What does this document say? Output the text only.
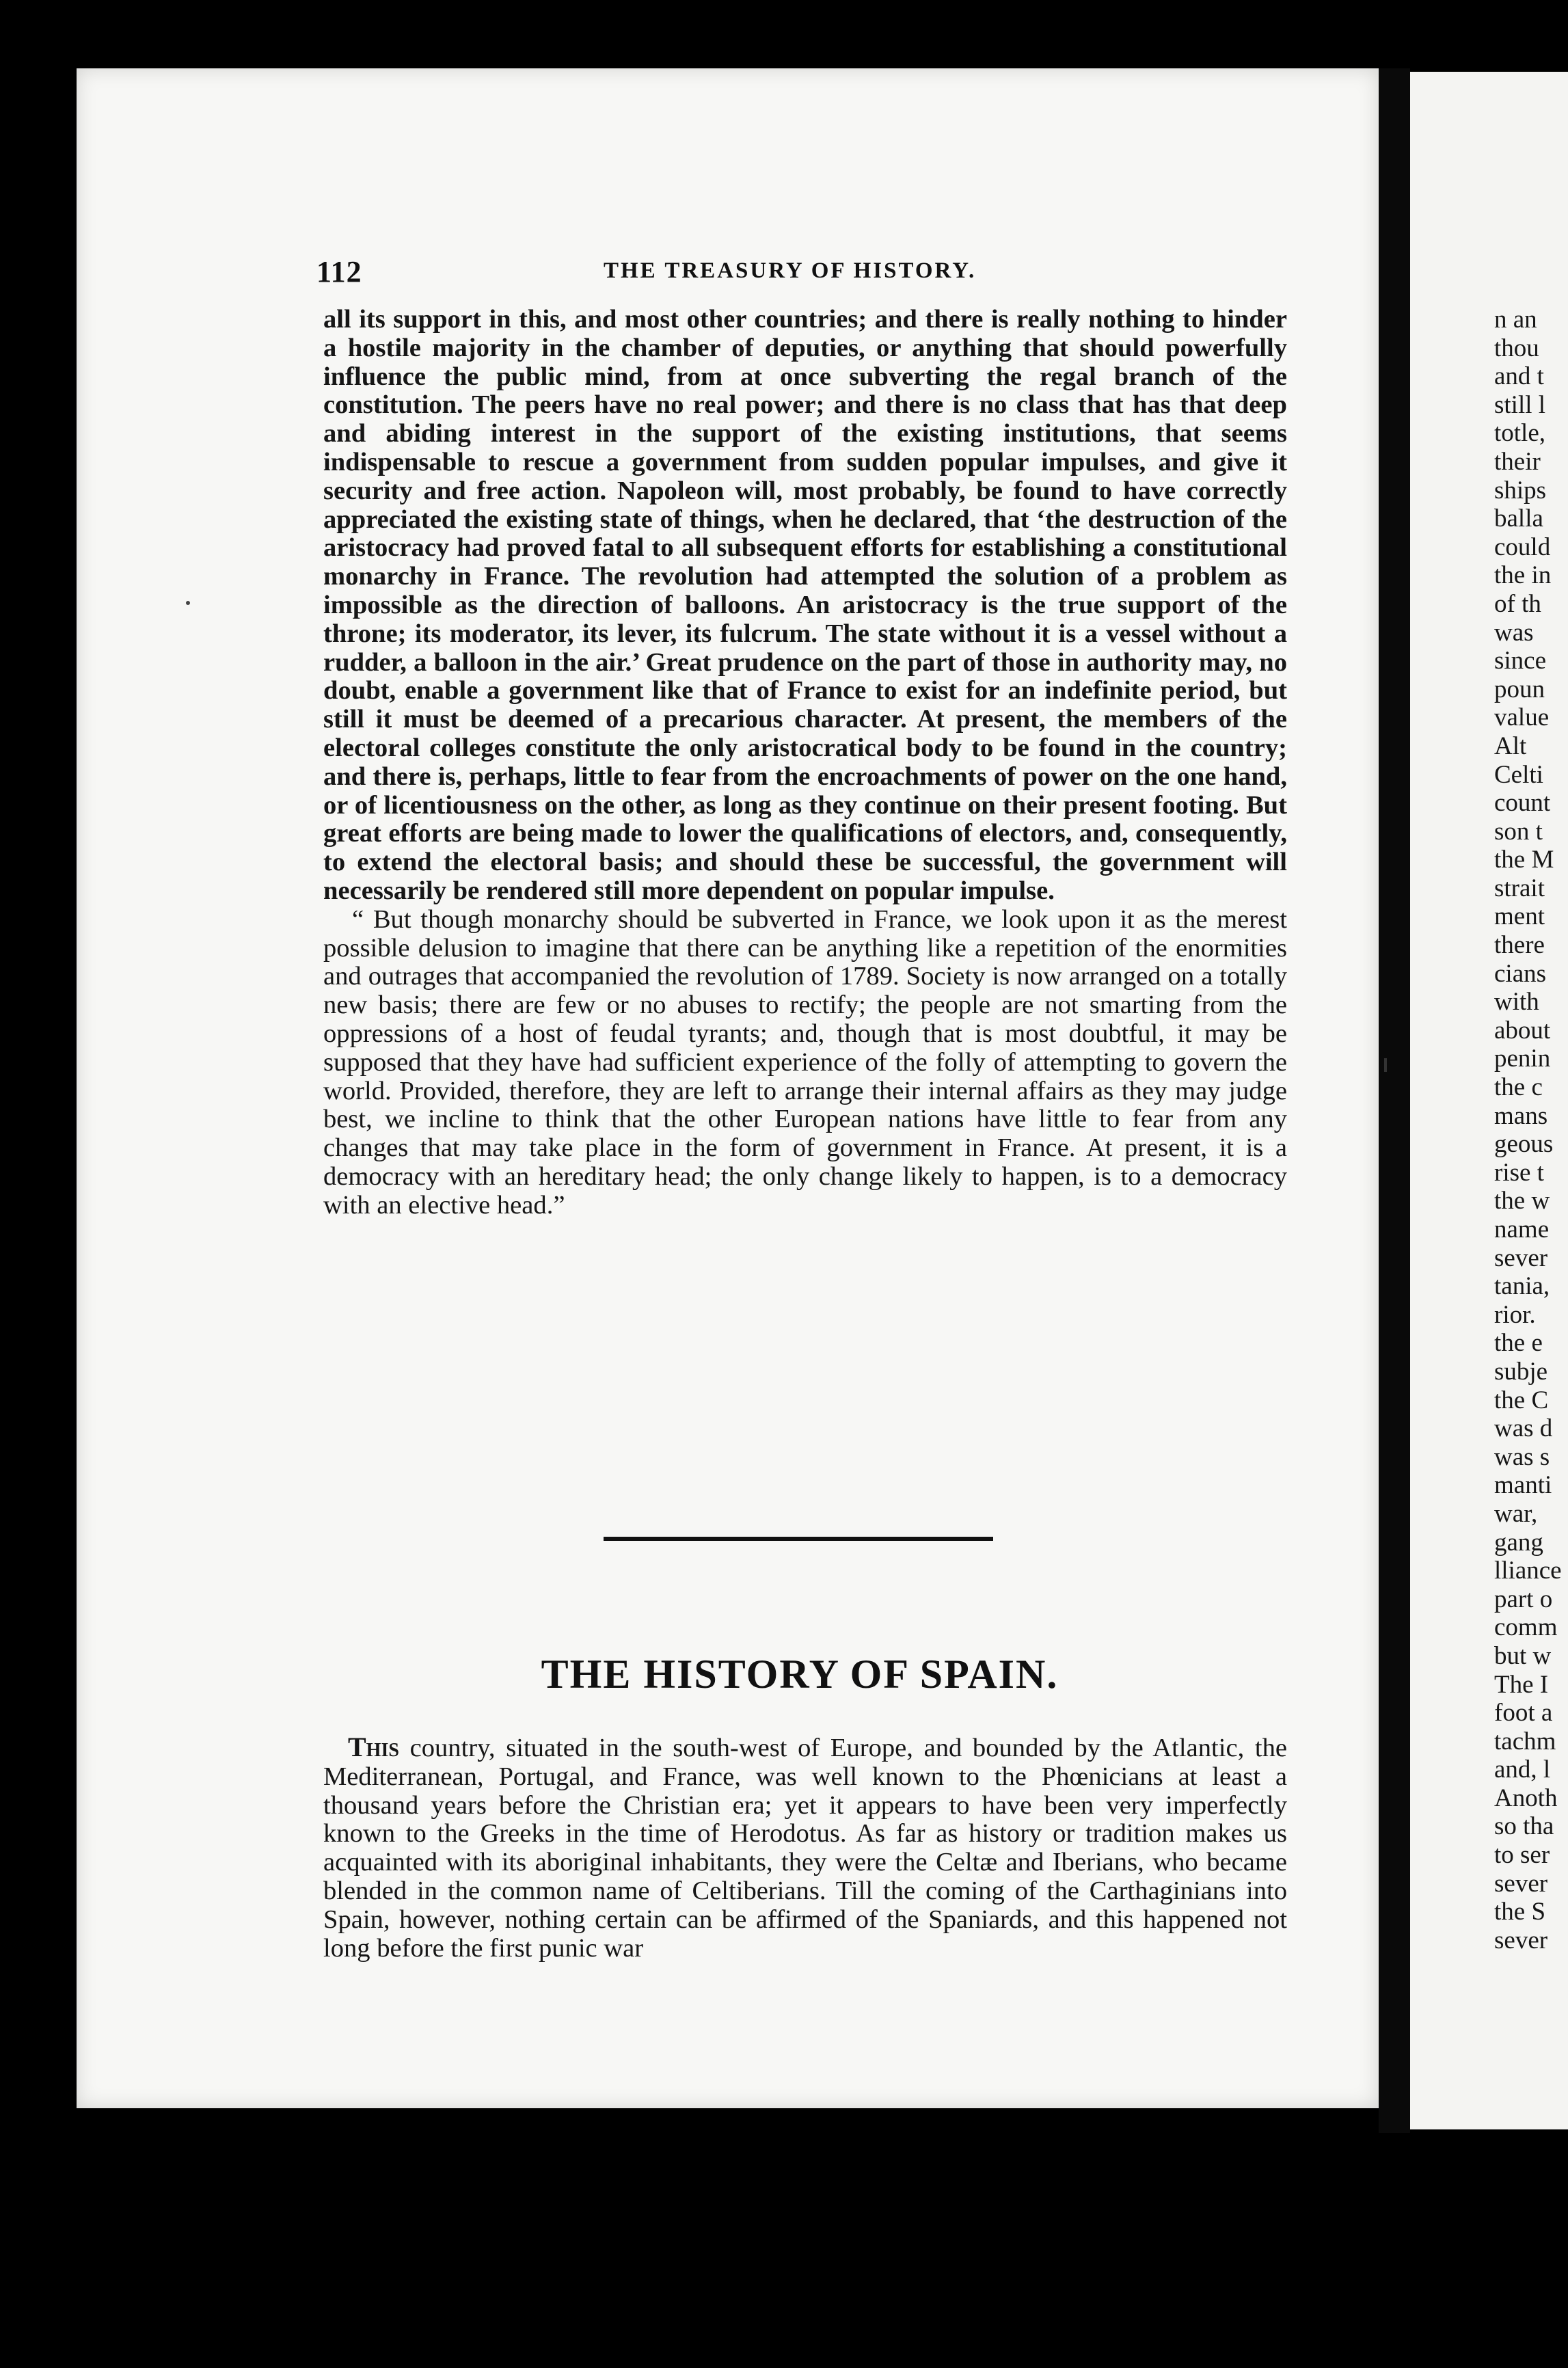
112	THE TREASURY OF HISTORY.

all its support in this, and most other countries; and there is really nothing to hinder a hostile majority in the chamber of deputies, or anything that should powerfully influence the public mind, from at once subverting the regal branch of the constitution. The peers have no real power; and there is no class that has that deep and abiding interest in the support of the existing institutions, that seems indispensable to rescue a government from sudden popular impulses, and give it security and free action. Napoleon will, most probably, be found to have correctly appreciated the existing state of things, when he declared, that ‘the destruction of the aristocracy had proved fatal to all subsequent efforts for establishing a constitutional monarchy in France. The revolution had attempted the solution of a problem as impossible as the direction of balloons. An aristocracy is the true support of the throne; its moderator, its lever, its fulcrum. The state without it is a vessel without a rudder, a balloon in the air.’ Great prudence on the part of those in authority may, no doubt, enable a government like that of France to exist for an indefinite period, but still it must be deemed of a precarious character. At present, the members of the electoral colleges constitute the only aristocratical body to be found in the country; and there is, perhaps, little to fear from the encroachments of power on the one hand, or of licentiousness on the other, as long as they continue on their present footing. But great efforts are being made to lower the qualifications of electors, and, consequently, to extend the electoral basis; and should these be successful, the government will necessarily be rendered still more dependent on popular impulse.

“ But though monarchy should be subverted in France, we look upon it as the merest possible delusion to imagine that there can be anything like a repetition of the enormities and outrages that accompanied the revolution of 1789. Society is now arranged on a totally new basis; there are few or no abuses to rectify; the people are not smarting from the oppressions of a host of feudal tyrants; and, though that is most doubtful, it may be supposed that they have had sufficient experience of the folly of attempting to govern the world. Provided, therefore, they are left to arrange their internal affairs as they may judge best, we incline to think that the other European nations have little to fear from any changes that may take place in the form of government in France. At present, it is a democracy with an hereditary head; the only change likely to happen, is to a democracy with an elective head.”

THE HISTORY OF SPAIN.

This country, situated in the south-west of Europe, and bounded by the Atlantic, the Mediterranean, Portugal, and France, was well known to the Phœnicians at least a thousand years before the Christian era; yet it appears to have been very imperfectly known to the Greeks in the time of Herodotus. As far as history or tradition makes us acquainted with its aboriginal inhabitants, they were the Celtæ and Iberians, who became blended in the common name of Celtiberians. Till the coming of the Carthaginians into Spain, however, nothing certain can be affirmed of the Spaniards, and this happened not long before the first punic war

n an
thou
and t
still l
totle,
their
ships
balla
could
the in
of th
was
since
poun
value
Alt
Celti
count
son t
the M
strait
ment
there
cians
with
about
penin
the c
mans
geous
rise t
the w
name
sever
tania,
rior.
the e
subje
the C
was d
was s
manti
war,
gang
lliance
part o
comm
but w
The I
foot a
tachm
and, l
Anoth
so tha
to ser
sever
the S
sever
